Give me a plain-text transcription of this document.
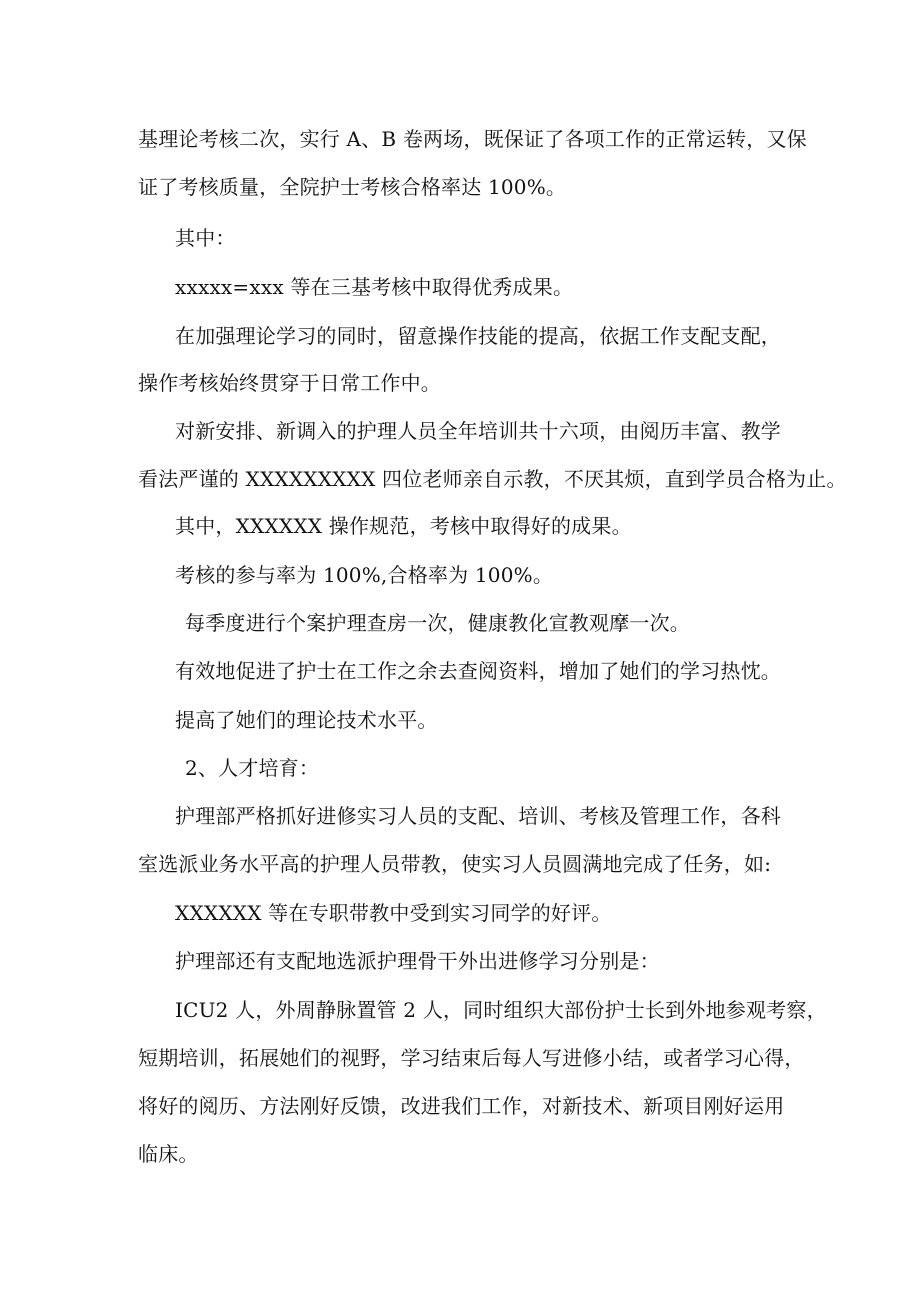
基理论考核二次，实行 A、B 卷两场，既保证了各项工作的正常运转，又保
证了考核质量，全院护士考核合格率达 100%。
其中：
xxxxx=xxx 等在三基考核中取得优秀成果。
在加强理论学习的同时，留意操作技能的提高，依据工作支配支配，
操作考核始终贯穿于日常工作中。
对新安排、新调入的护理人员全年培训共十六项，由阅历丰富、教学
看法严谨的 XXXXXXXXX 四位老师亲自示教，不厌其烦，直到学员合格为止。
其中，XXXXXX 操作规范，考核中取得好的成果。
考核的参与率为 100%,合格率为 100%。
每季度进行个案护理查房一次，健康教化宣教观摩一次。
有效地促进了护士在工作之余去查阅资料，增加了她们的学习热忱。
提高了她们的理论技术水平。
2、人才培育：
护理部严格抓好进修实习人员的支配、培训、考核及管理工作，各科
室选派业务水平高的护理人员带教，使实习人员圆满地完成了任务，如:
XXXXXX 等在专职带教中受到实习同学的好评。
护理部还有支配地选派护理骨干外出进修学习分别是：
ICU2 人，外周静脉置管 2 人，同时组织大部份护士长到外地参观考察，
短期培训，拓展她们的视野，学习结束后每人写进修小结，或者学习心得，
将好的阅历、方法刚好反馈，改进我们工作，对新技术、新项目刚好运用
临床。
